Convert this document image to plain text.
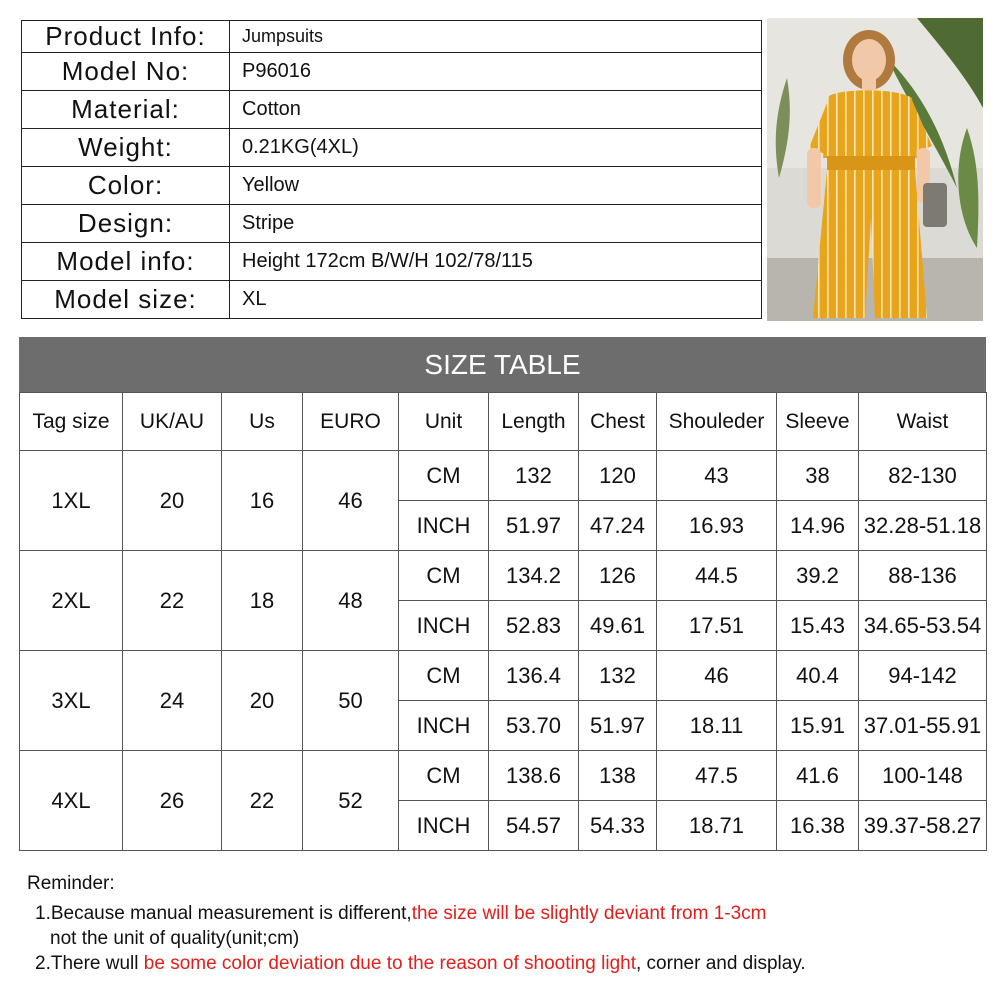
Product Info:	Jumpsuits
Model No:	P96016
Material:	Cotton
Weight:	0.21KG(4XL)
Color:	Yellow
Design:	Stripe
Model info:	Height 172cm B/W/H 102/78/115
Model size:	XL
SIZE TABLE
Tag size	UK/AU	Us	EURO	Unit	Length	Chest	Shouleder	Sleeve	Waist
1XL	20	16	46	CM	132	120	43	38	82-130
				INCH	51.97	47.24	16.93	14.96	32.28-51.18
2XL	22	18	48	CM	134.2	126	44.5	39.2	88-136
				INCH	52.83	49.61	17.51	15.43	34.65-53.54
3XL	24	20	50	CM	136.4	132	46	40.4	94-142
				INCH	53.70	51.97	18.11	15.91	37.01-55.91
4XL	26	22	52	CM	138.6	138	47.5	41.6	100-148
				INCH	54.57	54.33	18.71	16.38	39.37-58.27

Reminder:

1.Because manual measurement is different,the size will be slightly deviant from 1-3cm

not the unit of quality(unit;cm)

2.There wull be some color deviation due to the reason of shooting light, corner and display.
